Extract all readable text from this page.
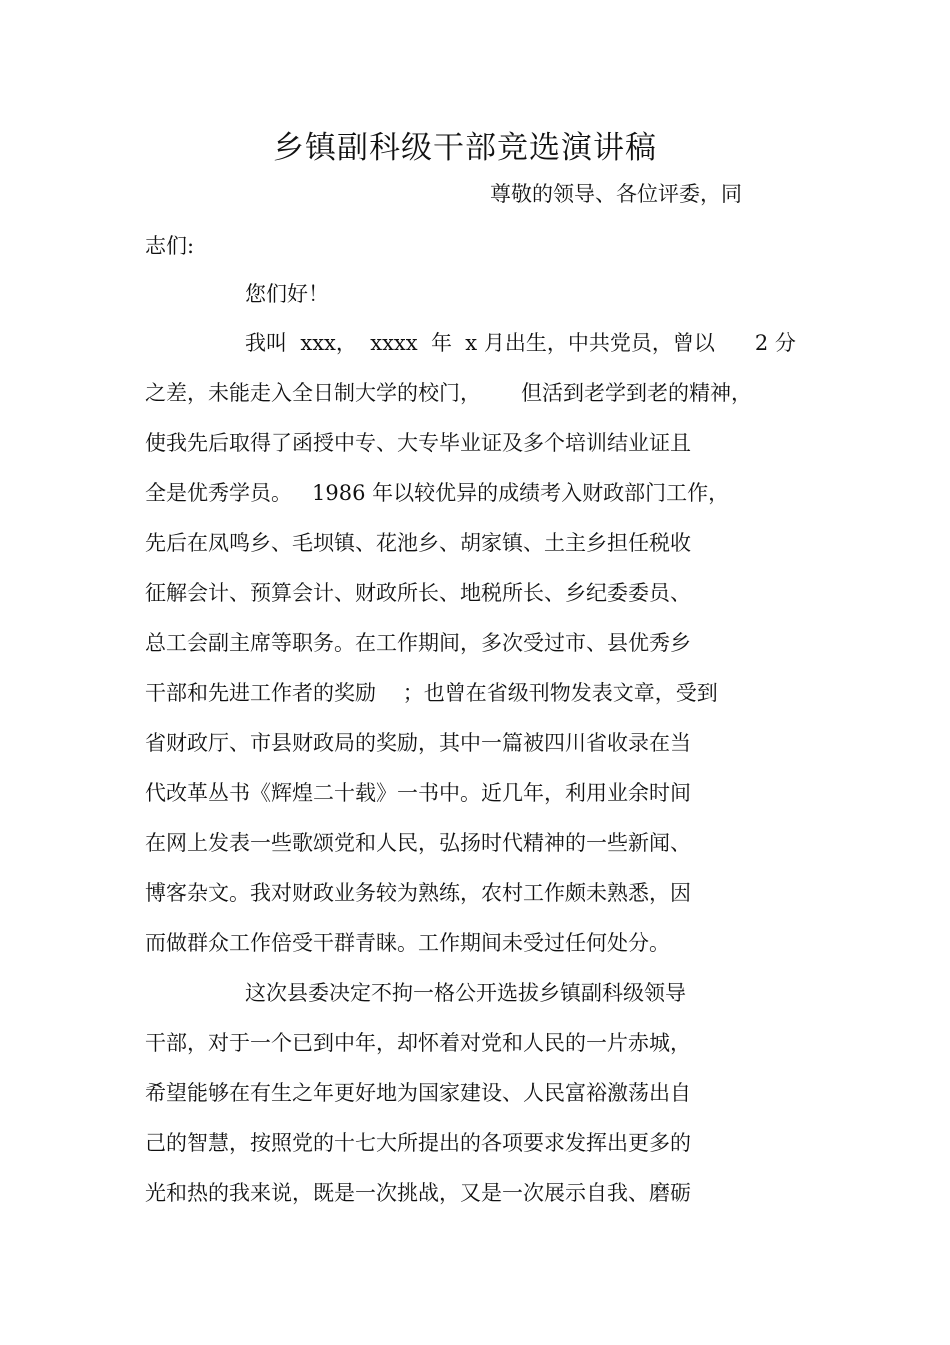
乡镇副科级干部竞选演讲稿
尊敬的领导、各位评委，同
志们:
您们好！
我叫  xxx，  xxxx  年  x 月出生，中共党员，曾以      2 分
之差，未能走入全日制大学的校门，      但活到老学到老的精神，
使我先后取得了函授中专、大专毕业证及多个培训结业证且
全是优秀学员。   1986 年以较优异的成绩考入财政部门工作，
先后在凤鸣乡、毛坝镇、花池乡、胡家镇、土主乡担任税收
征解会计、预算会计、财政所长、地税所长、乡纪委委员、
总工会副主席等职务。在工作期间，多次受过市、县优秀乡
干部和先进工作者的奖励    ；也曾在省级刊物发表文章，受到
省财政厅、市县财政局的奖励，其中一篇被四川省收录在当
代改革丛书《辉煌二十载》一书中。近几年，利用业余时间
在网上发表一些歌颂党和人民，弘扬时代精神的一些新闻、
博客杂文。我对财政业务较为熟练，农村工作颇未熟悉，因
而做群众工作倍受干群青睐。工作期间未受过任何处分。
这次县委决定不拘一格公开选拔乡镇副科级领导
干部，对于一个已到中年，却怀着对党和人民的一片赤城，
希望能够在有生之年更好地为国家建设、人民富裕激荡出自
己的智慧，按照党的十七大所提出的各项要求发挥出更多的
光和热的我来说，既是一次挑战，又是一次展示自我、磨砺
